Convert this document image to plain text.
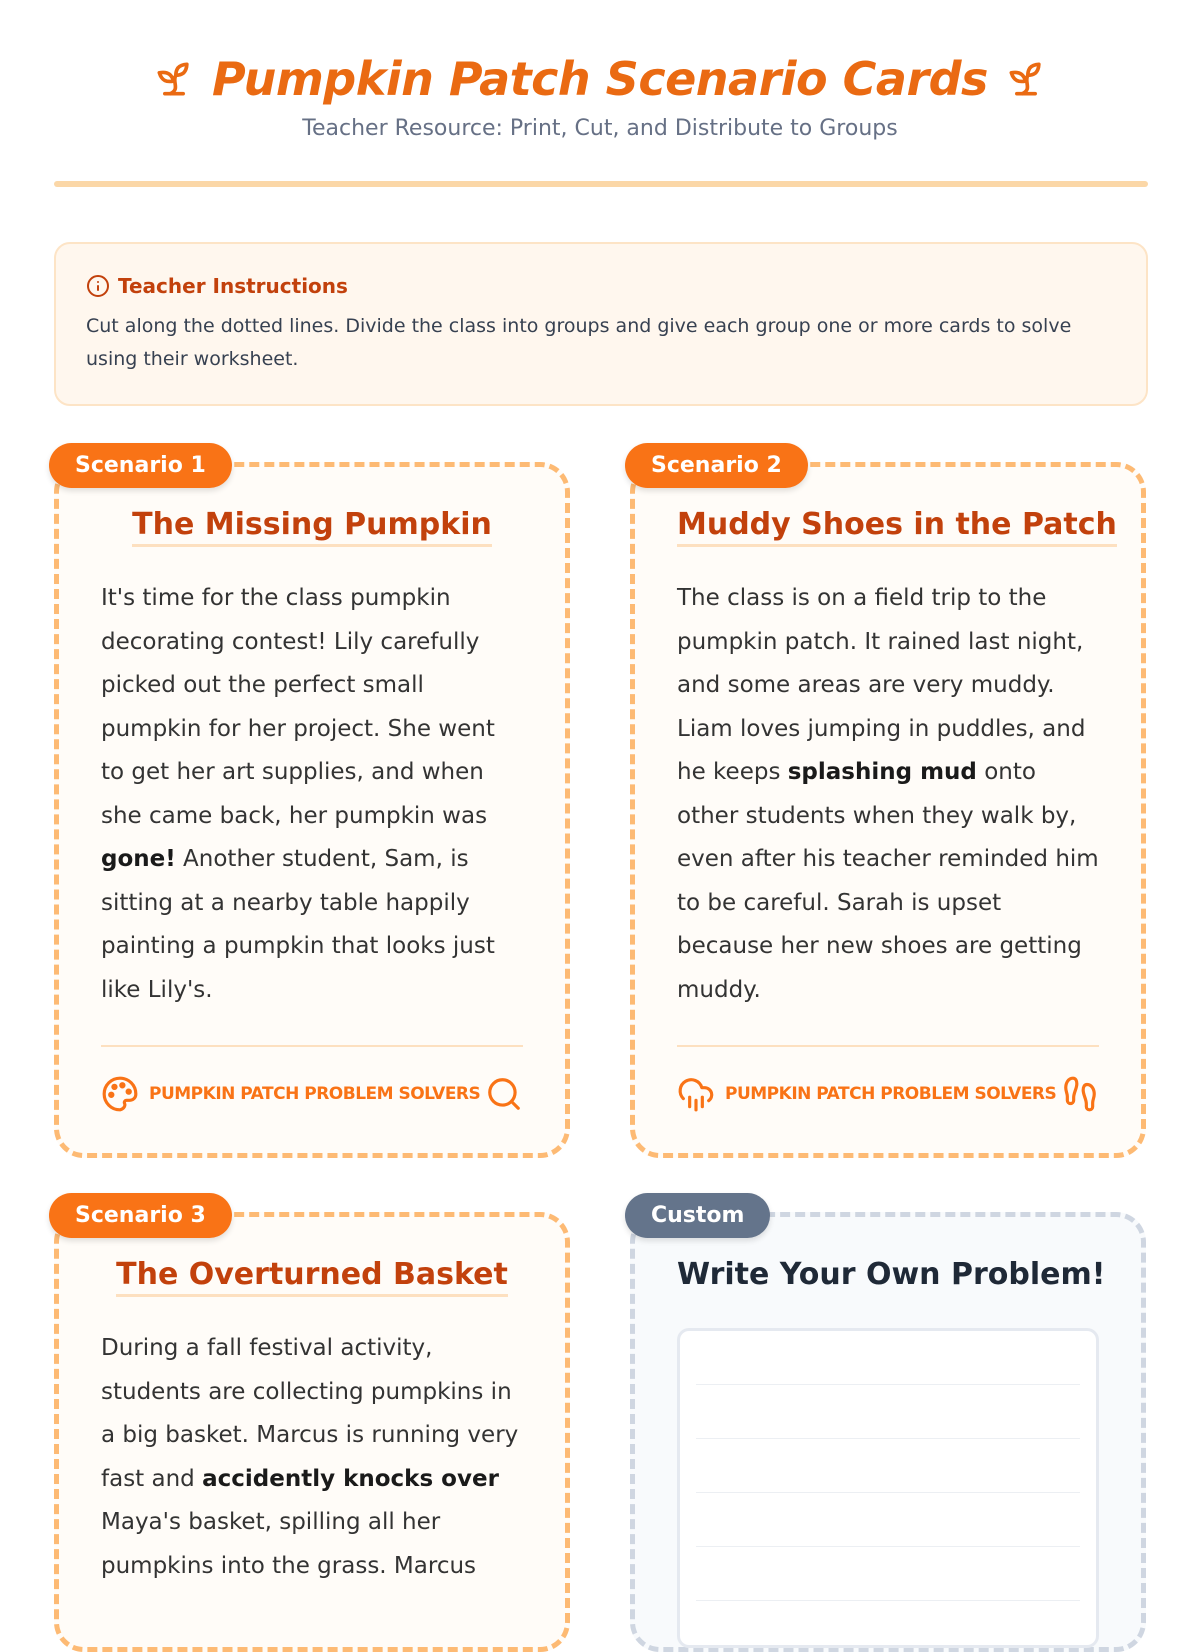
Pumpkin Patch Scenario Cards
Teacher Resource: Print, Cut, and Distribute to Groups
Teacher Instructions
Cut along the dotted lines. Divide the class into groups and give each group one or more cards to solve using their worksheet.
Scenario 1
The Missing Pumpkin

It's time for the class pumpkin decorating contest! Lily carefully picked out the perfect small pumpkin for her project. She went to get her art supplies, and when she came back, her pumpkin was gone! Another student, Sam, is sitting at a nearby table happily painting a pumpkin that looks just like Lily's.

PUMPKIN PATCH PROBLEM SOLVERS
Scenario 2
Muddy Shoes in the Patch

The class is on a field trip to the pumpkin patch. It rained last night, and some areas are very muddy. Liam loves jumping in puddles, and he keeps splashing mud onto other students when they walk by, even after his teacher reminded him to be careful. Sarah is upset because her new shoes are getting muddy.

PUMPKIN PATCH PROBLEM SOLVERS
Scenario 3
The Overturned Basket

During a fall festival activity, students are collecting pumpkins in a big basket. Marcus is running very fast and accidently knocks over Maya's basket, spilling all her pumpkins into the grass. Marcus

Custom
Write Your Own Problem!
